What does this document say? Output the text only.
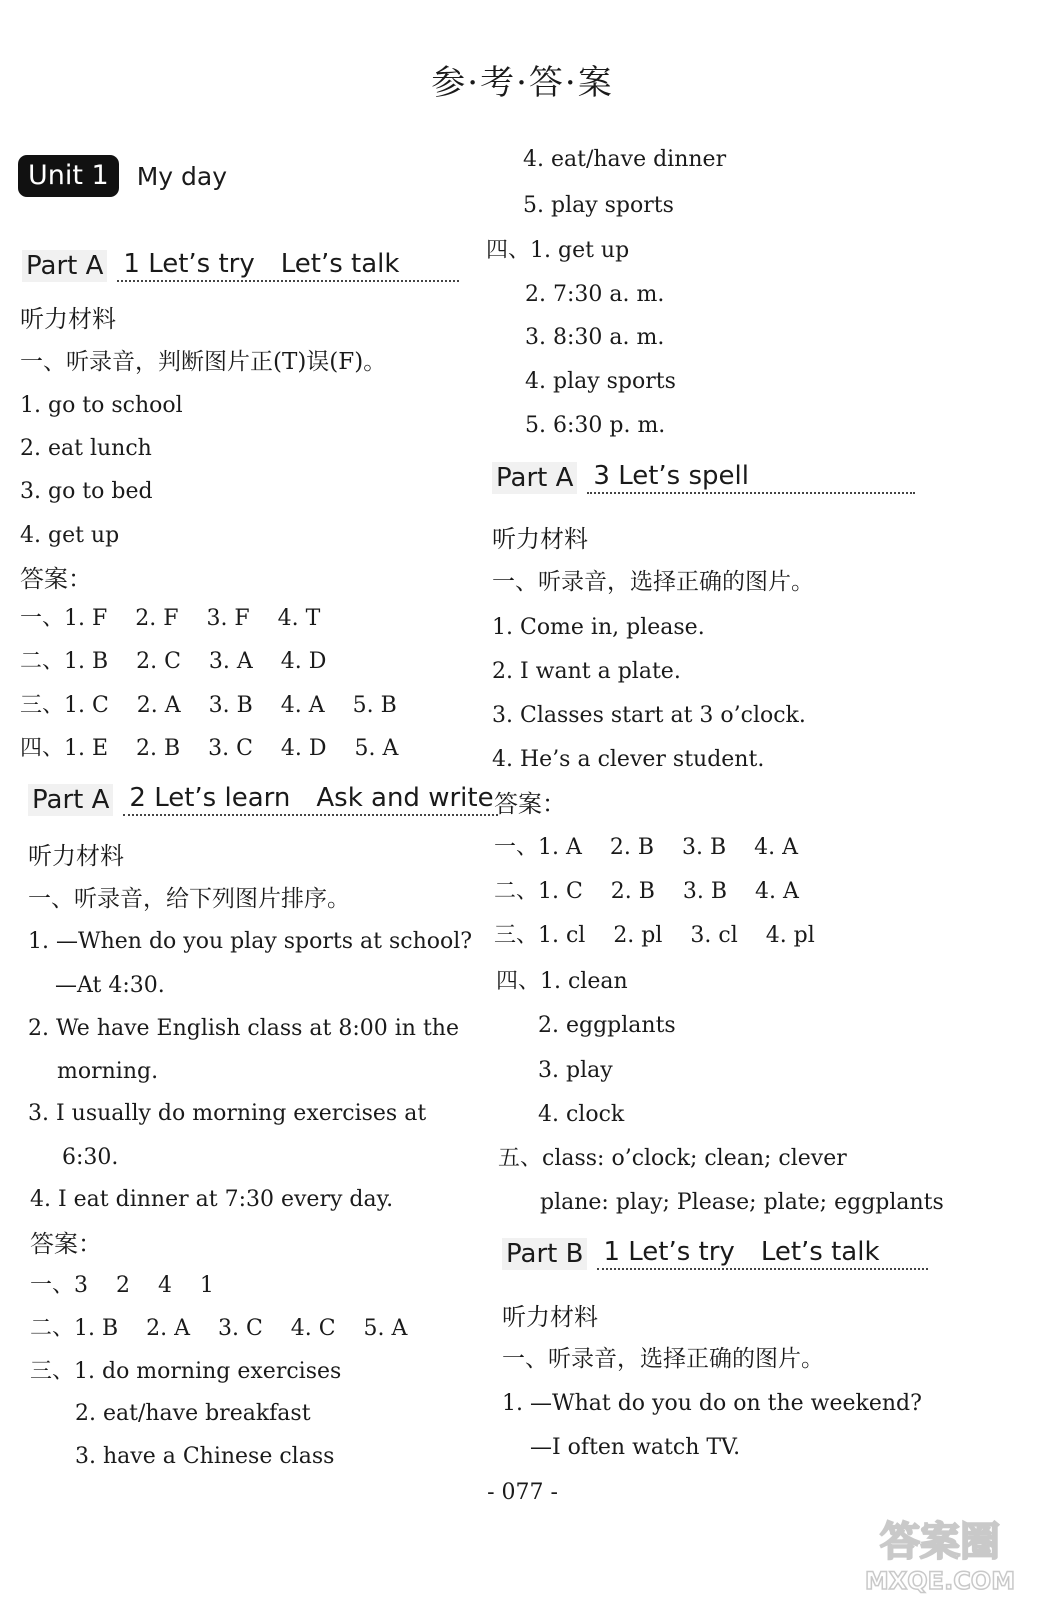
参·考·答·案
Unit 1	My day
Part A 1 Let’s try Let’s talk
听力材料
一、听录音，判断图片正(T)误(F)。
1. go to school
2. eat lunch
3. go to bed
4. get up
答案：
一、1. F    2. F    3. F    4. T
二、1. B    2. C    3. A    4. D
三、1. C    2. A    3. B    4. A    5. B
四、1. E    2. B    3. C    4. D    5. A
Part A 2 Let’s learn Ask and write
听力材料
一、听录音，给下列图片排序。
1. —When do you play sports at school?
—At 4:30.
2. We have English class at 8:00 in the
morning.
3. I usually do morning exercises at
6:30.
4. I eat dinner at 7:30 every day.
答案：
一、3    2    4    1
二、1. B    2. A    3. C    4. C    5. A
三、1. do morning exercises
2. eat/have breakfast
3. have a Chinese class
4. eat/have dinner
5. play sports
四、1. get up
2. 7:30 a. m.
3. 8:30 a. m.
4. play sports
5. 6:30 p. m.
Part A 3 Let’s spell
听力材料
一、听录音，选择正确的图片。
1. Come in, please.
2. I want a plate.
3. Classes start at 3 o’clock.
4. He’s a clever student.
答案：
一、1. A    2. B    3. B    4. A
二、1. C    2. B    3. B    4. A
三、1. cl    2. pl    3. cl    4. pl
四、1. clean
2. eggplants
3. play
4. clock
五、class: o’clock; clean; clever
plane: play; Please; plate; eggplants
Part B 1 Let’s try Let’s talk
听力材料
一、听录音，选择正确的图片。
1. —What do you do on the weekend?
—I often watch TV.
- 077 -
答案圈
MXQE.COM
